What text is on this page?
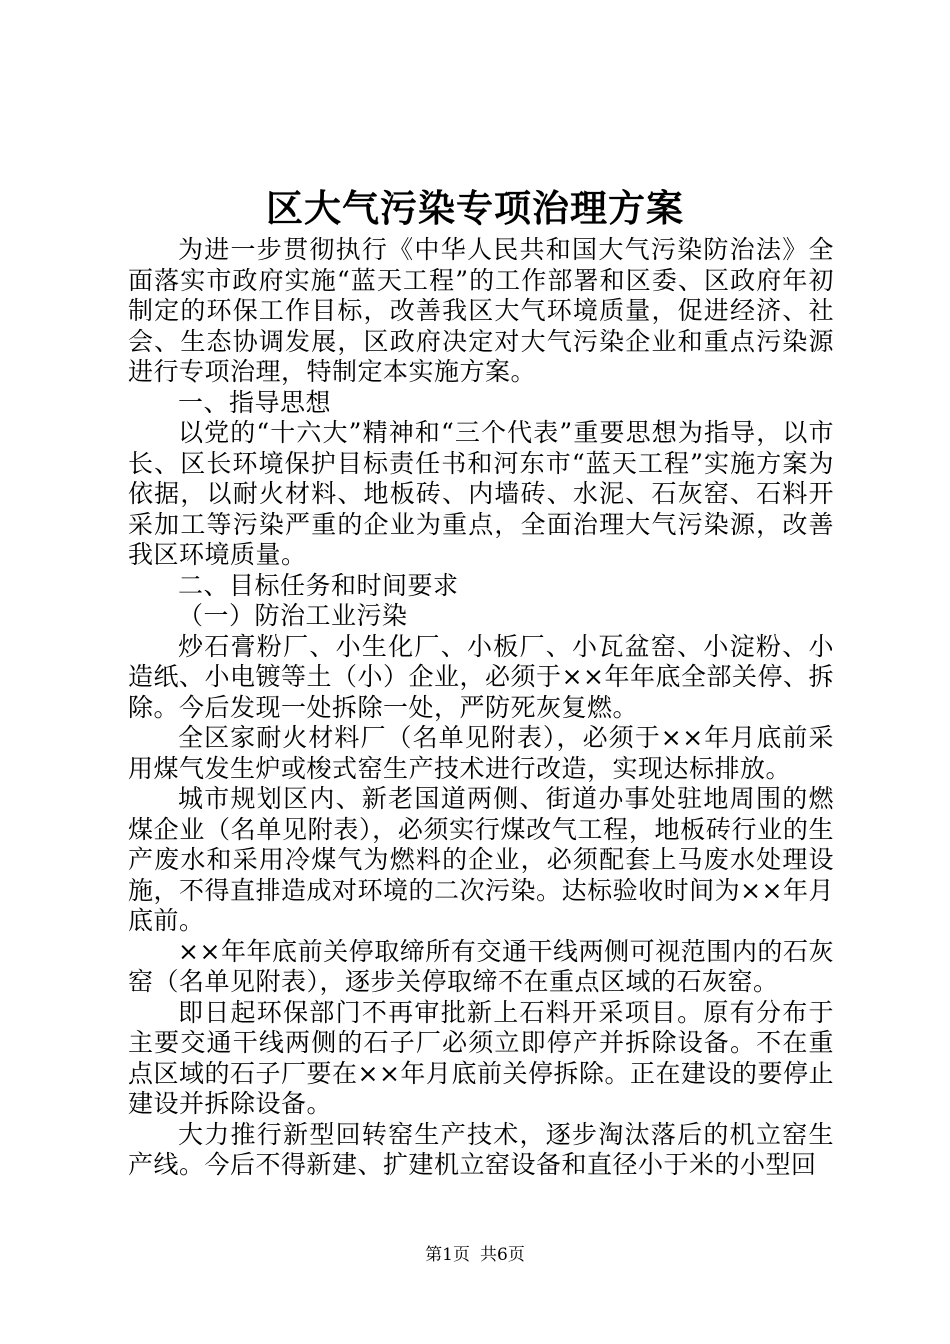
区大气污染专项治理方案

为进一步贯彻执行《中华人民共和国大气污染防治法》全面落实市政府实施“蓝天工程”的工作部署和区委、区政府年初制定的环保工作目标，改善我区大气环境质量，促进经济、社会、生态协调发展，区政府决定对大气污染企业和重点污染源进行专项治理，特制定本实施方案。

一、指导思想

以党的“十六大”精神和“三个代表”重要思想为指导，以市长、区长环境保护目标责任书和河东市“蓝天工程”实施方案为依据，以耐火材料、地板砖、内墙砖、水泥、石灰窑、石料开采加工等污染严重的企业为重点，全面治理大气污染源，改善我区环境质量。

二、目标任务和时间要求

（一）防治工业污染

炒石膏粉厂、小生化厂、小板厂、小瓦盆窑、小淀粉、小造纸、小电镀等土（小）企业，必须于××年年底全部关停、拆除。今后发现一处拆除一处，严防死灰复燃。

全区家耐火材料厂（名单见附表），必须于××年月底前采用煤气发生炉或梭式窑生产技术进行改造，实现达标排放。

城市规划区内、新老国道两侧、街道办事处驻地周围的燃煤企业（名单见附表），必须实行煤改气工程，地板砖行业的生产废水和采用冷煤气为燃料的企业，必须配套上马废水处理设施，不得直排造成对环境的二次污染。达标验收时间为××年月底前。

××年年底前关停取缔所有交通干线两侧可视范围内的石灰窑（名单见附表），逐步关停取缔不在重点区域的石灰窑。

即日起环保部门不再审批新上石料开采项目。原有分布于主要交通干线两侧的石子厂必须立即停产并拆除设备。不在重点区域的石子厂要在××年月底前关停拆除。正在建设的要停止建设并拆除设备。

大力推行新型回转窑生产技术，逐步淘汰落后的机立窑生产线。今后不得新建、扩建机立窑设备和直径小于米的小型回

第1页 共6页
